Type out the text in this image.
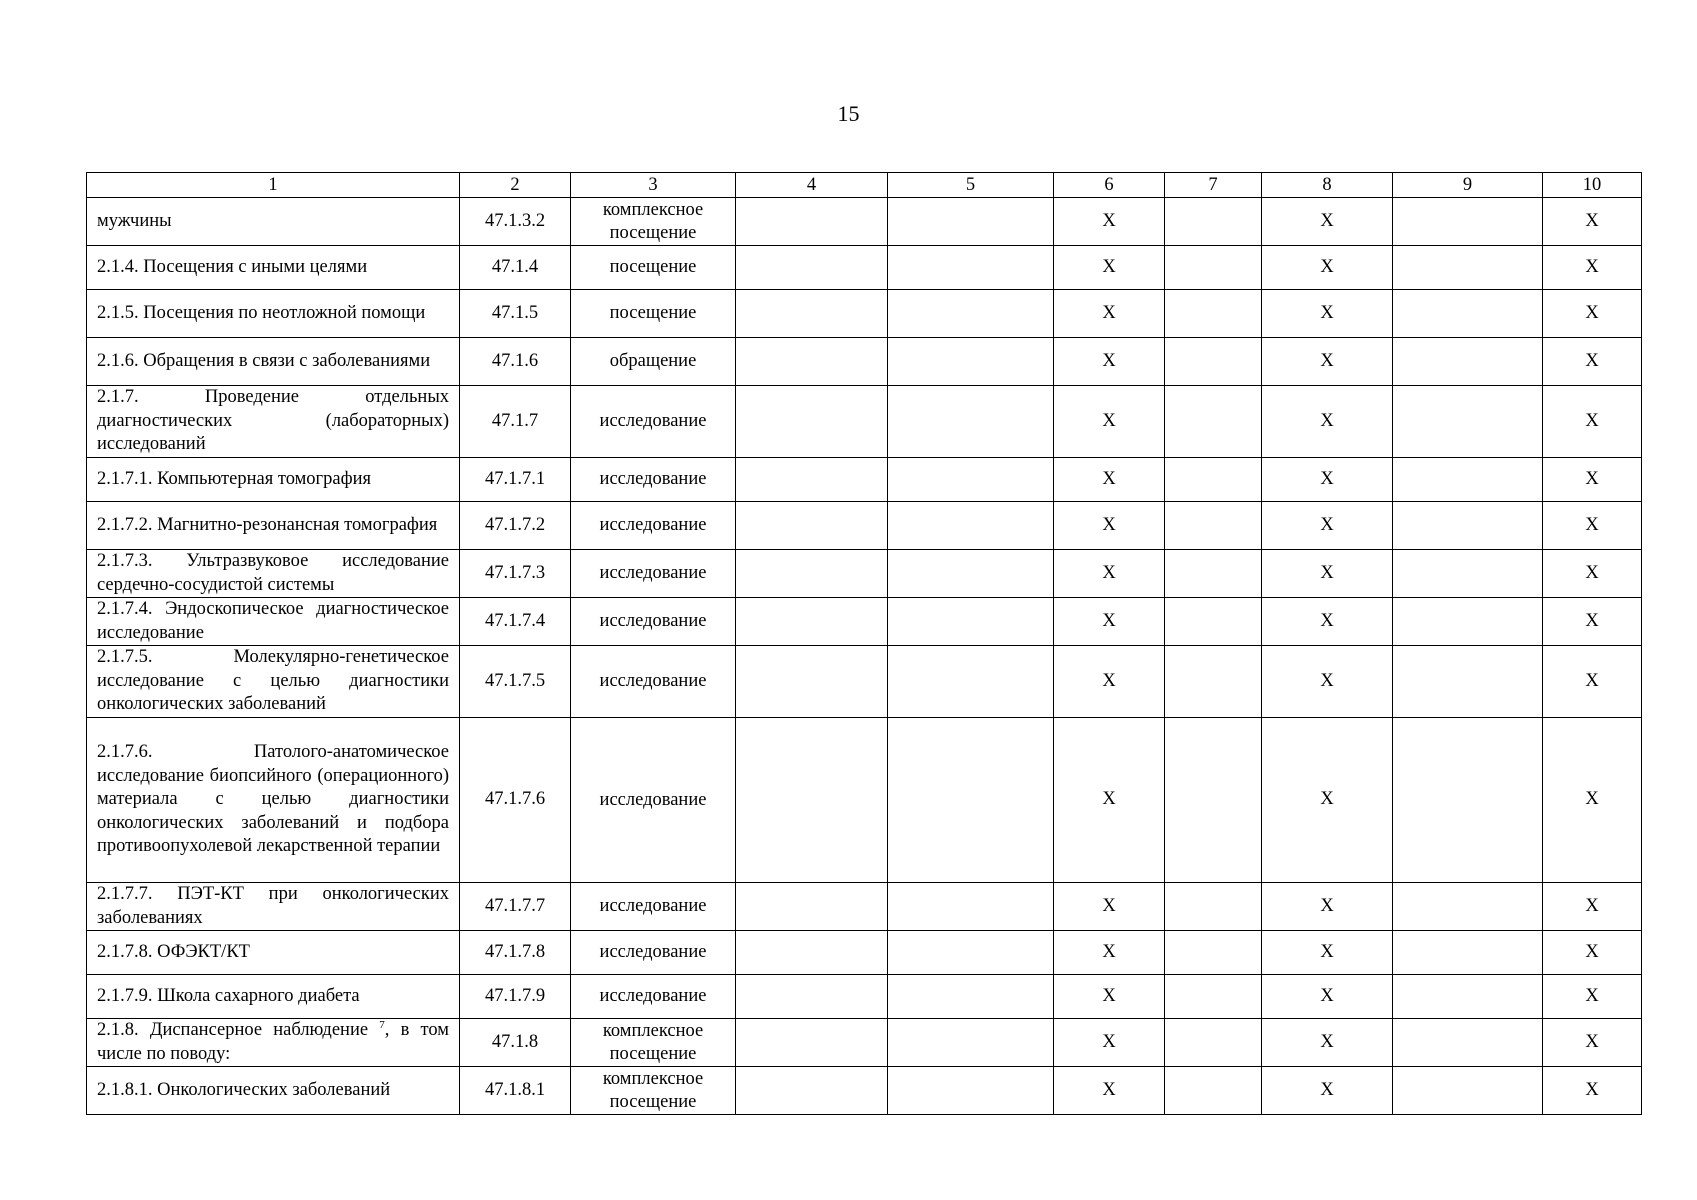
15
1	2	3	4	5	6	7	8	9	10
мужчины	47.1.3.2	комплексное посещение			Х		Х		Х
2.1.4. Посещения с иными целями	47.1.4	посещение			Х		Х		Х
2.1.5. Посещения по неотложной помощи	47.1.5	посещение			Х		Х		Х
2.1.6. Обращения в связи с заболеваниями	47.1.6	обращение			Х		Х		Х
2.1.7. Проведение отдельных диагностических (лабораторных) исследований	47.1.7	исследование			Х		Х		Х
2.1.7.1. Компьютерная томография	47.1.7.1	исследование			Х		Х		Х
2.1.7.2. Магнитно-резонансная томография	47.1.7.2	исследование			Х		Х		Х
2.1.7.3. Ультразвуковое исследование сердечно-сосудистой системы	47.1.7.3	исследование			Х		Х		Х
2.1.7.4. Эндоскопическое диагностическое исследование	47.1.7.4	исследование			Х		Х		Х
2.1.7.5. Молекулярно-генетическое исследование с целью диагностики онкологических заболеваний	47.1.7.5	исследование			Х		Х		Х
2.1.7.6. Патолого-анатомическое исследование биопсийного (операционного) материала с целью диагностики онкологических заболеваний и подбора противоопухолевой лекарственной терапии	47.1.7.6	исследование			Х		Х		Х
2.1.7.7. ПЭТ-КТ при онкологических заболеваниях	47.1.7.7	исследование			Х		Х		Х
2.1.7.8. ОФЭКТ/КТ	47.1.7.8	исследование			Х		Х		Х
2.1.7.9. Школа сахарного диабета	47.1.7.9	исследование			Х		Х		Х
2.1.8. Диспансерное наблюдение $^7$, в том числе по поводу:	47.1.8	комплексное посещение			Х		Х		Х
2.1.8.1. Онкологических заболеваний	47.1.8.1	комплексное посещение			Х		Х		Х
